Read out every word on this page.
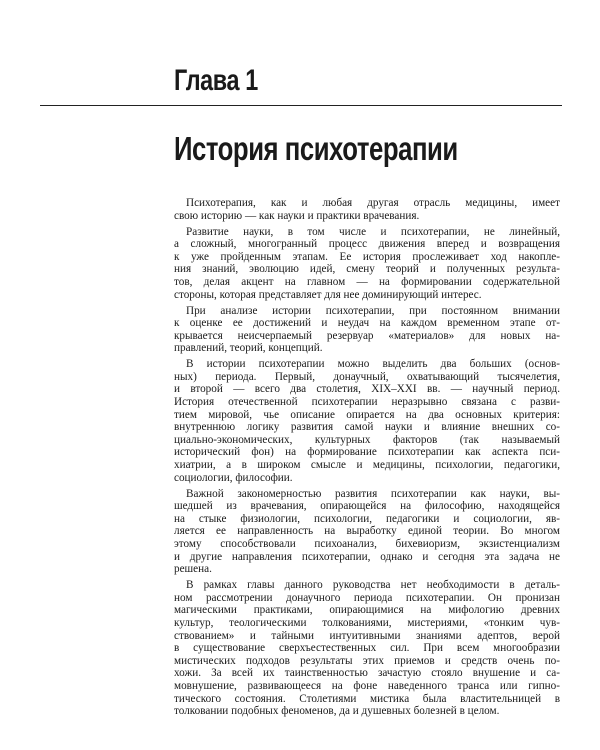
Глава 1
История психотерапии

Психотерапия, как и любая другая отрасль медицины, имеет
свою историю — как науки и практики врачевания.

Развитие науки, в том числе и психотерапии, не линейный,
а сложный, многогранный процесс движения вперед и возвращения
к уже пройденным этапам. Ее история прослеживает ход накопле-
ния знаний, эволюцию идей, смену теорий и полученных результа-
тов, делая акцент на главном — на формировании содержательной
стороны, которая представляет для нее доминирующий интерес.

При анализе истории психотерапии, при постоянном внимании
к оценке ее достижений и неудач на каждом временно́м этапе от-
крывается неисчерпаемый резервуар «материалов» для новых на-
правлений, теорий, концепций.

В истории психотерапии можно выделить два больших (основ-
ных) периода. Первый, донаучный, охватывающий тысячелетия,
и второй — всего два столетия, XIX–XXI вв. — научный период.
История отечественной психотерапии неразрывно связана с разви-
тием мировой, чье описание опирается на два основных критерия:
внутреннюю логику развития самой науки и влияние внешних со-
циально-экономических, культурных факторов (так называемый
исторический фон) на формирование психотерапии как аспекта пси-
хиатрии, а в широком смысле и медицины, психологии, педагогики,
социологии, философии.

Важной закономерностью развития психотерапии как науки, вы-
шедшей из врачевания, опирающейся на философию, находящейся
на стыке физиологии, психологии, педагогики и социологии, яв-
ляется ее направленность на выработку единой теории. Во многом
этому способствовали психоанализ, бихевиоризм, экзистенциализм
и другие направления психотерапии, однако и сегодня эта задача не
решена.

В рамках главы данного руководства нет необходимости в деталь-
ном рассмотрении донаучного периода психотерапии. Он пронизан
магическими практиками, опирающимися на мифологию древних
культур, теологическими толкованиями, мистериями, «тонким чув-
ствованием» и тайными интуитивными знаниями адептов, верой
в существование сверхъестественных сил. При всем многообразии
мистических подходов результаты этих приемов и средств очень по-
хожи. За всей их таинственностью зачастую стояло внушение и са-
мовнушение, развивающееся на фоне наведенного транса или гипно-
тического состояния. Столетиями мистика была властительницей в
толковании подобных феноменов, да и душевных болезней в целом.
